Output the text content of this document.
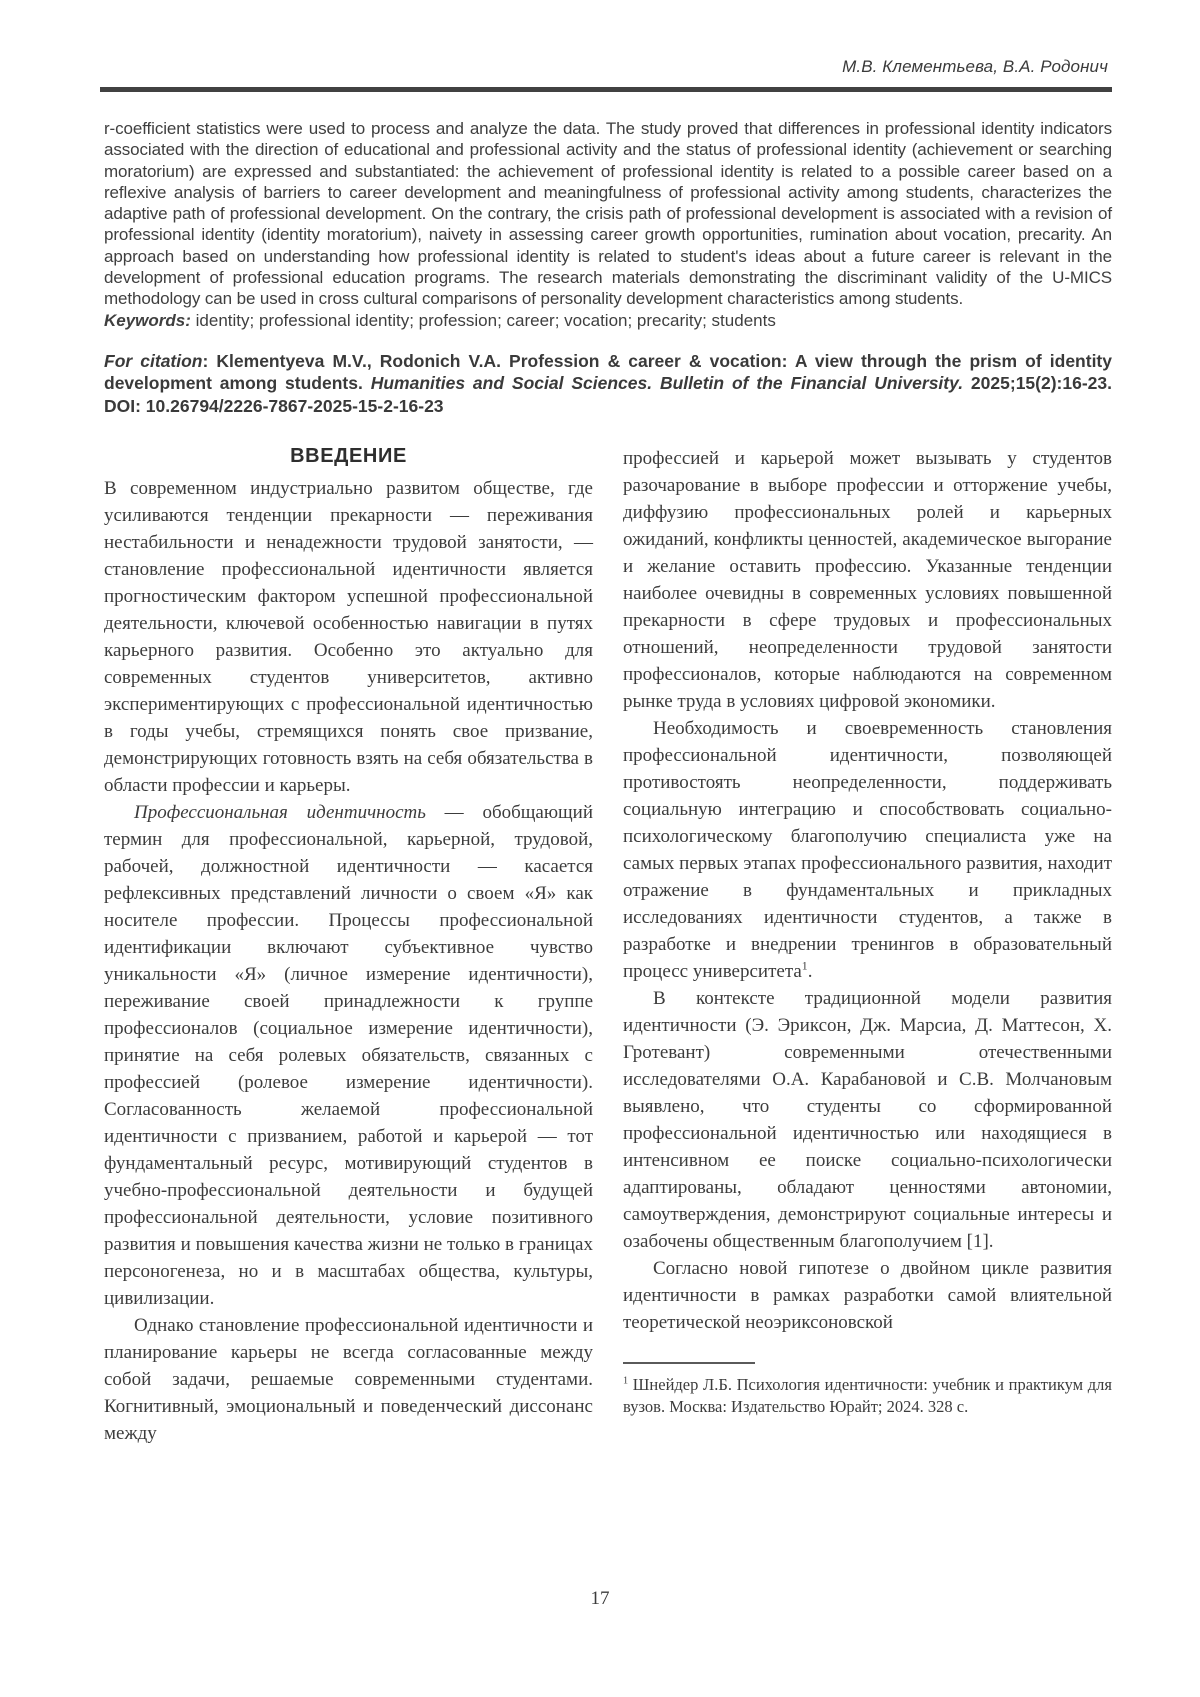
М.В. Клементьева, В.А. Родонич
r-coefficient statistics were used to process and analyze the data. The study proved that differences in professional identity indicators associated with the direction of educational and professional activity and the status of professional identity (achievement or searching moratorium) are expressed and substantiated: the achievement of professional identity is related to a possible career based on a reflexive analysis of barriers to career development and meaningfulness of professional activity among students, characterizes the adaptive path of professional development. On the contrary, the crisis path of professional development is associated with a revision of professional identity (identity moratorium), naivety in assessing career growth opportunities, rumination about vocation, precarity. An approach based on understanding how professional identity is related to student's ideas about a future career is relevant in the development of professional education programs. The research materials demonstrating the discriminant validity of the U-MICS methodology can be used in cross cultural comparisons of personality development characteristics among students.
Keywords: identity; professional identity; profession; career; vocation; precarity; students
For citation: Klementyeva M.V., Rodonich V.A. Profession & career & vocation: A view through the prism of identity development among students. Humanities and Social Sciences. Bulletin of the Financial University. 2025;15(2):16-23. DOI: 10.26794/2226-7867-2025-15-2-16-23
ВВЕДЕНИЕ

В современном индустриально развитом обществе, где усиливаются тенденции прекарности — переживания нестабильности и ненадежности трудовой занятости, — становление профессиональной идентичности является прогностическим фактором успешной профессиональной деятельности, ключевой особенностью навигации в путях карьерного развития. Особенно это актуально для современных студентов университетов, активно экспериментирующих с профессиональной идентичностью в годы учебы, стремящихся понять свое призвание, демонстрирующих готовность взять на себя обязательства в области профессии и карьеры.

Профессиональная идентичность — обобщающий термин для профессиональной, карьерной, трудовой, рабочей, должностной идентичности — касается рефлексивных представлений личности о своем «Я» как носителе профессии. Процессы профессиональной идентификации включают субъективное чувство уникальности «Я» (личное измерение идентичности), переживание своей принадлежности к группе профессионалов (социальное измерение идентичности), принятие на себя ролевых обязательств, связанных с профессией (ролевое измерение идентичности). Согласованность желаемой профессиональной идентичности с призванием, работой и карьерой — тот фундаментальный ресурс, мотивирующий студентов в учебно-профессиональной деятельности и будущей профессиональной деятельности, условие позитивного развития и повышения качества жизни не только в границах персоногенеза, но и в масштабах общества, культуры, цивилизации.

Однако становление профессиональной идентичности и планирование карьеры не всегда согласованные между собой задачи, решаемые современными студентами. Когнитивный, эмоциональный и поведенческий диссонанс между

профессией и карьерой может вызывать у студентов разочарование в выборе профессии и отторжение учебы, диффузию профессиональных ролей и карьерных ожиданий, конфликты ценностей, академическое выгорание и желание оставить профессию. Указанные тенденции наиболее очевидны в современных условиях повышенной прекарности в сфере трудовых и профессиональных отношений, неопределенности трудовой занятости профессионалов, которые наблюдаются на современном рынке труда в условиях цифровой экономики.

Необходимость и своевременность становления профессиональной идентичности, позволяющей противостоять неопределенности, поддерживать социальную интеграцию и способствовать социально-психологическому благополучию специалиста уже на самых первых этапах профессионального развития, находит отражение в фундаментальных и прикладных исследованиях идентичности студентов, а также в разработке и внедрении тренингов в образовательный процесс университета$^1$.

В контексте традиционной модели развития идентичности (Э. Эриксон, Дж. Марсиа, Д. Маттесон, Х. Гротевант) современными отечественными исследователями О.А. Карабановой и С.В. Молчановым выявлено, что студенты со сформированной профессиональной идентичностью или находящиеся в интенсивном ее поиске социально-психологически адаптированы, обладают ценностями автономии, самоутверждения, демонстрируют социальные интересы и озабочены общественным благополучием [1].

Согласно новой гипотезе о двойном цикле развития идентичности в рамках разработки самой влиятельной теоретической неоэриксоновской

$^1$ Шнейдер Л.Б. Психология идентичности: учебник и практикум для вузов. Москва: Издательство Юрайт; 2024. 328 с.
17
